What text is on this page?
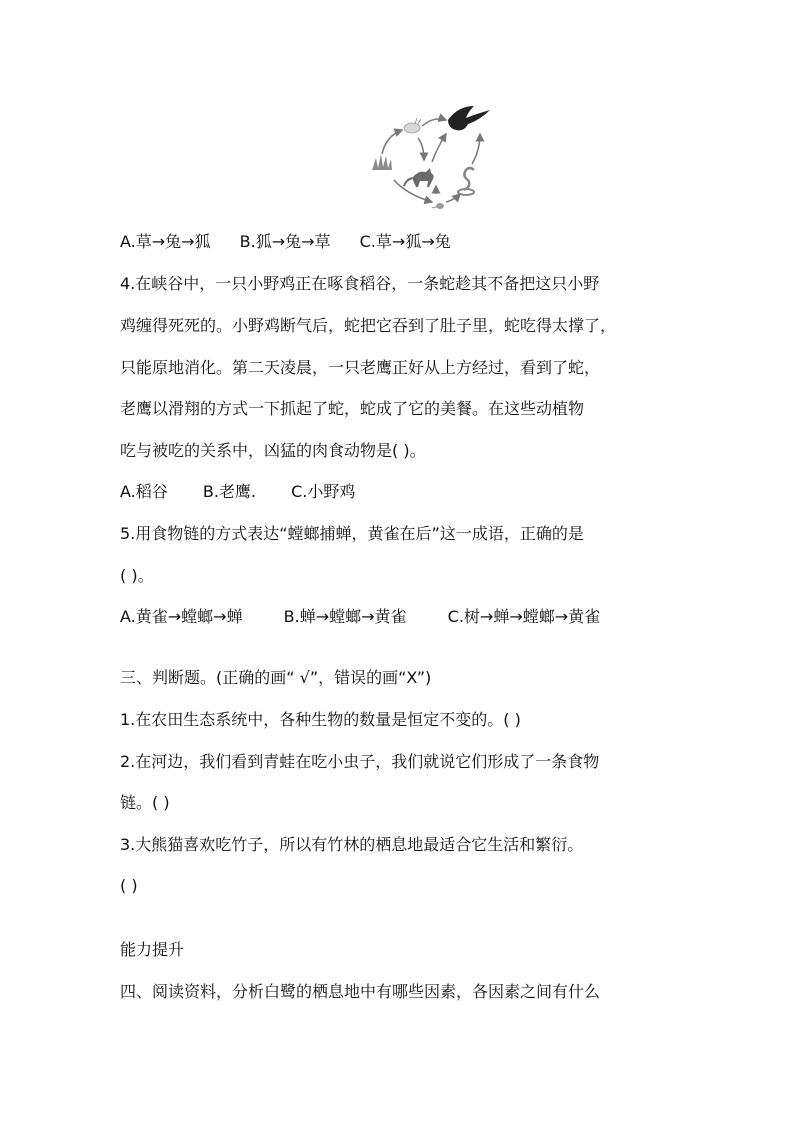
A.草→兔→狐 B.狐→兔→草 C.草→狐→兔
4.在峡谷中，一只小野鸡正在啄食稻谷，一条蛇趁其不备把这只小野
鸡缠得死死的。小野鸡断气后，蛇把它吞到了肚子里，蛇吃得太撑了，
只能原地消化。第二天凌晨，一只老鹰正好从上方经过，看到了蛇，
老鹰以滑翔的方式一下抓起了蛇，蛇成了它的美餐。在这些动植物
吃与被吃的关系中，凶猛的肉食动物是( )。
A.稻谷 B.老鹰. C.小野鸡
5.用食物链的方式表达“螳螂捕蝉，黄雀在后”这一成语，正确的是
( )。
A.黄雀→螳螂→蝉	B.蝉→螳螂→黄雀	C.树→蝉→螳螂→黄雀
三、判断题。(正确的画“ √”，错误的画“X”)
1.在农田生态系统中，各种生物的数量是恒定不变的。( )
2.在河边，我们看到青蛙在吃小虫子，我们就说它们形成了一条食物
链。( )
3.大熊猫喜欢吃竹子，所以有竹林的栖息地最适合它生活和繁衍。
( )
能力提升
四、阅读资料，分析白鹭的栖息地中有哪些因素，各因素之间有什么
